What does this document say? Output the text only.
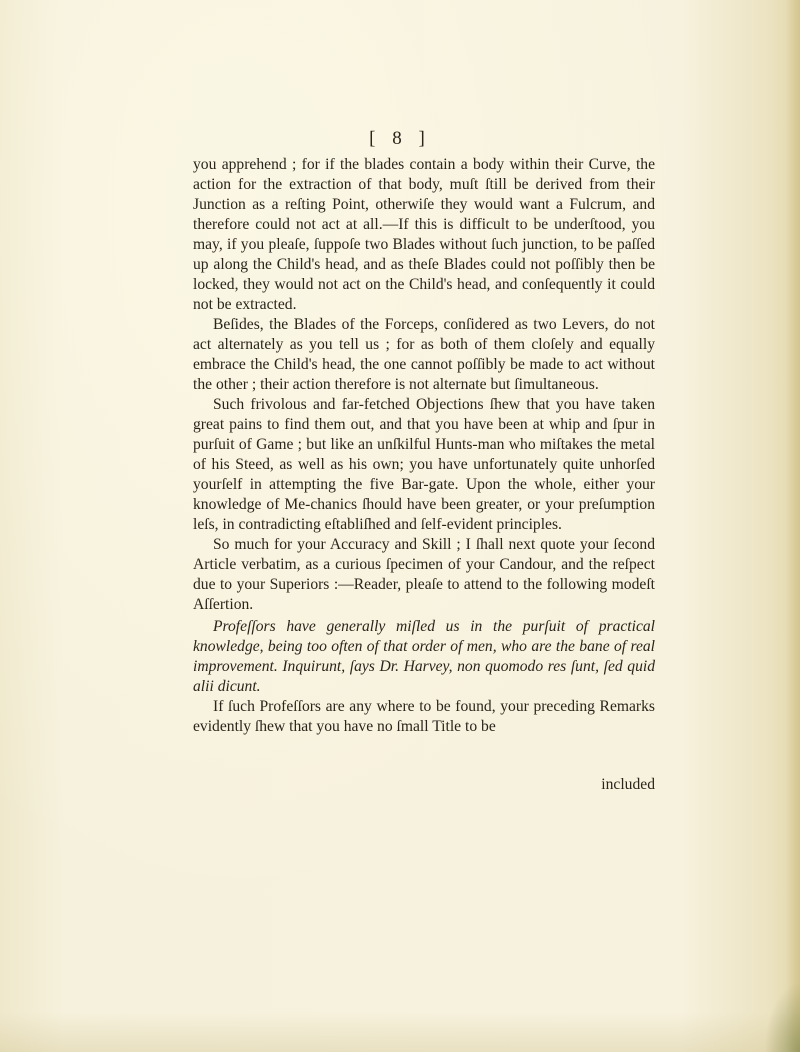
[ 8 ]

you apprehend ; for if the blades contain a body within their Curve, the action for the extraction of that body, muſt ſtill be derived from their Junction as a reſting Point, otherwiſe they would want a Fulcrum, and therefore could not act at all.—If this is difficult to be underſtood, you may, if you pleaſe, ſuppoſe two Blades without ſuch junction, to be paſſed up along the Child's head, and as theſe Blades could not poſſibly then be locked, they would not act on the Child's head, and conſequently it could not be extracted.

Beſides, the Blades of the Forceps, conſidered as two Levers, do not act alternately as you tell us ; for as both of them cloſely and equally embrace the Child's head, the one cannot poſſibly be made to act without the other ; their action therefore is not alternate but ſimultaneous.

Such frivolous and far-fetched Objections ſhew that you have taken great pains to find them out, and that you have been at whip and ſpur in purſuit of Game ; but like an unſkilful Hunts-man who miſtakes the metal of his Steed, as well as his own; you have unfortunately quite unhorſed yourſelf in attempting the five Bar-gate. Upon the whole, either your knowledge of Me-chanics ſhould have been greater, or your preſumption leſs, in contradicting eſtabliſhed and ſelf-evident principles.

So much for your Accuracy and Skill ; I ſhall next quote your ſecond Article verbatim, as a curious ſpecimen of your Candour, and the reſpect due to your Superiors :—Reader, pleaſe to attend to the following modeſt Aſſertion.

Profeſſors have generally miſled us in the purſuit of practical knowledge, being too often of that order of men, who are the bane of real improvement. Inquirunt, ſays Dr. Harvey, non quomodo res ſunt, ſed quid alii dicunt.

If ſuch Profeſſors are any where to be found, your preceding Remarks evidently ſhew that you have no ſmall Title to be

included
